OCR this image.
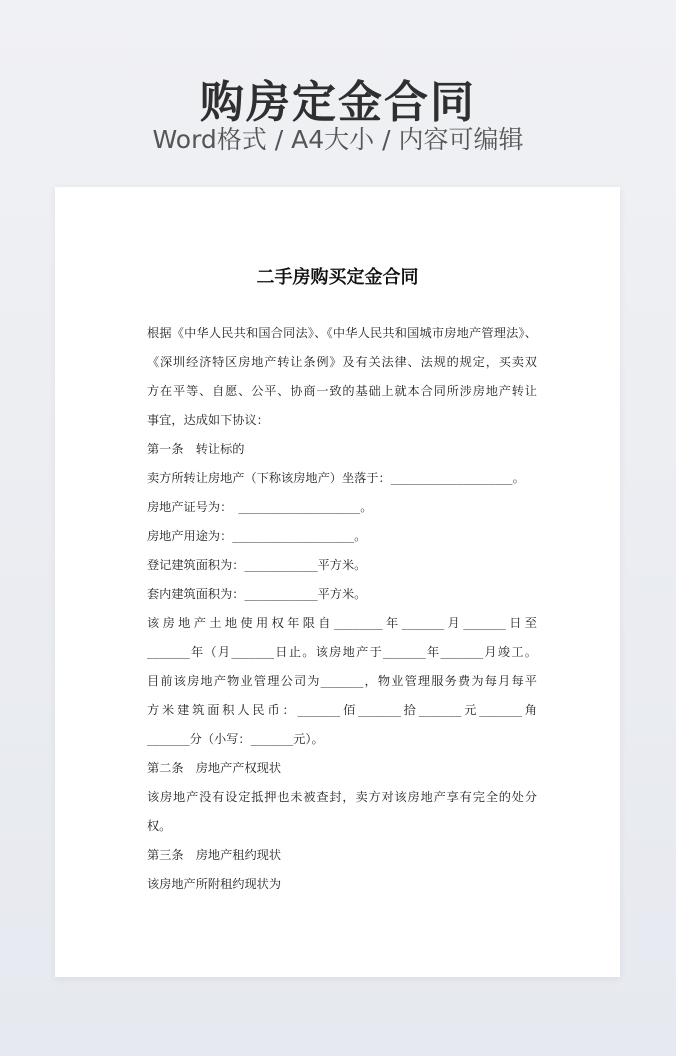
购房定金合同
Word格式 / A4大小 / 内容可编辑
二手房购买定金合同
根据《中华人民共和国合同法》、《中华人民共和国城市房地产管理法》、
《深圳经济特区房地产转让条例》及有关法律、法规的规定，买卖双
方在平等、自愿、公平、协商一致的基础上就本合同所涉房地产转让
事宜，达成如下协议：
第一条　转让标的
卖方所转让房地产（下称该房地产）坐落于：____________________。
房地产证号为：　____________________。
房地产用途为：____________________。
登记建筑面积为：____________平方米。
套内建筑面积为：____________平方米。
该房地产土地使用权年限自________年_______月_______日至
_______年（月_______日止。该房地产于_______年_______月竣工。
目前该房地产物业管理公司为_______，物业管理服务费为每月每平
方米建筑面积人民币：_______佰_______拾_______元_______角
_______分（小写：_______元）。
第二条　房地产产权现状
该房地产没有设定抵押也未被查封，卖方对该房地产享有完全的处分
权。
第三条　房地产租约现状
该房地产所附租约现状为
